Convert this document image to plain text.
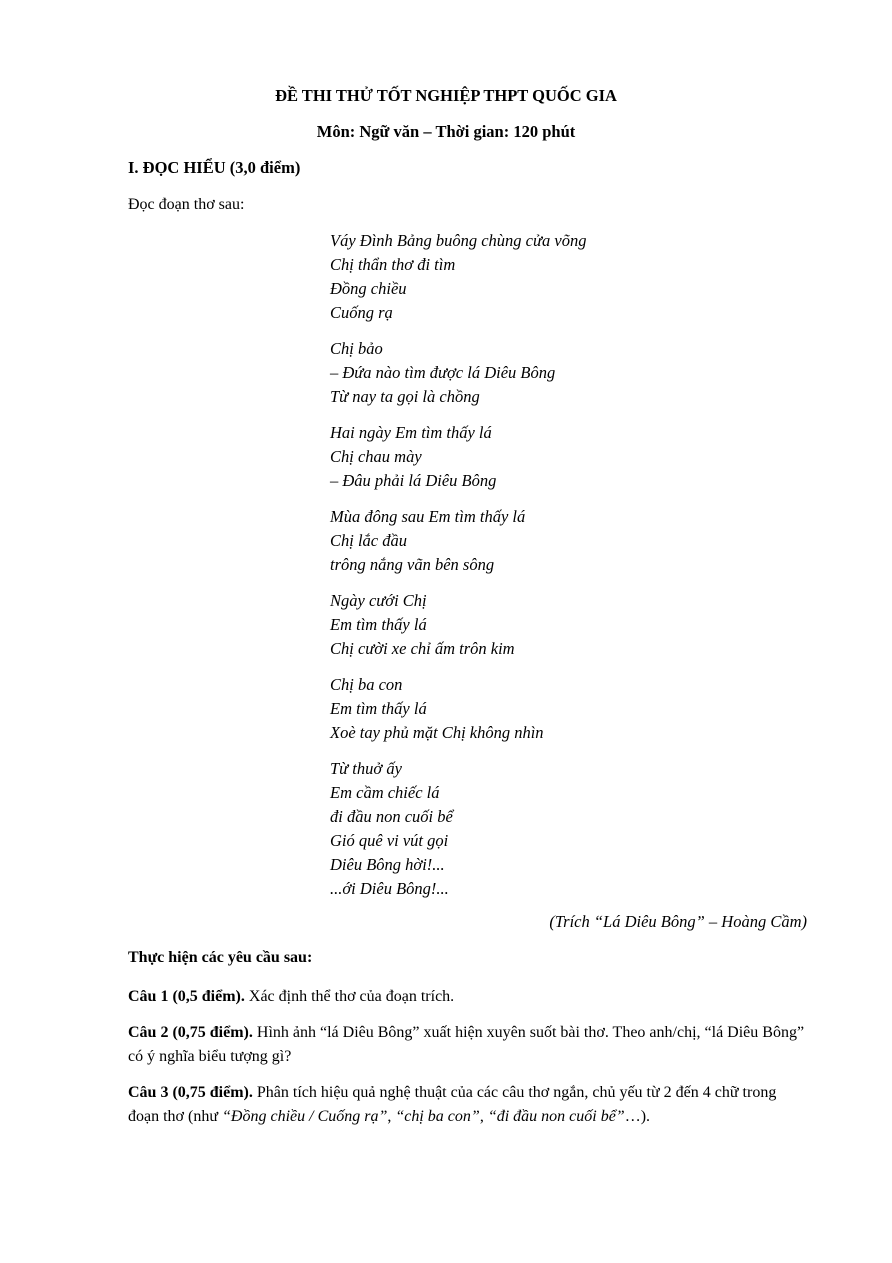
ĐỀ THI THỬ TỐT NGHIỆP THPT QUỐC GIA
Môn: Ngữ văn – Thời gian: 120 phút
I. ĐỌC HIỂU (3,0 điểm)
Đọc đoạn thơ sau:
Váy Đình Bảng buông chùng cửa võng
Chị thẩn thơ đi tìm
Đồng chiều
Cuống rạ
Chị bảo
– Đứa nào tìm được lá Diêu Bông
Từ nay ta gọi là chồng
Hai ngày Em tìm thấy lá
Chị chau mày
– Đâu phải lá Diêu Bông
Mùa đông sau Em tìm thấy lá
Chị lắc đầu
trông nắng vãn bên sông
Ngày cưới Chị
Em tìm thấy lá
Chị cười xe chỉ ấm trôn kim
Chị ba con
Em tìm thấy lá
Xoè tay phủ mặt Chị không nhìn
Từ thuở ấy
Em cầm chiếc lá
đi đầu non cuối bể
Gió quê vi vút gọi
Diêu Bông hời!...
...ới Diêu Bông!...
(Trích “Lá Diêu Bông” – Hoàng Cầm)
Thực hiện các yêu cầu sau:
Câu 1 (0,5 điểm). Xác định thể thơ của đoạn trích.
Câu 2 (0,75 điểm). Hình ảnh “lá Diêu Bông” xuất hiện xuyên suốt bài thơ. Theo anh/chị, “lá Diêu Bông” có ý nghĩa biểu tượng gì?
Câu 3 (0,75 điểm). Phân tích hiệu quả nghệ thuật của các câu thơ ngắn, chủ yếu từ 2 đến 4 chữ trong đoạn thơ (như “Đồng chiều / Cuống rạ”, “chị ba con”, “đi đầu non cuối bể”…).
